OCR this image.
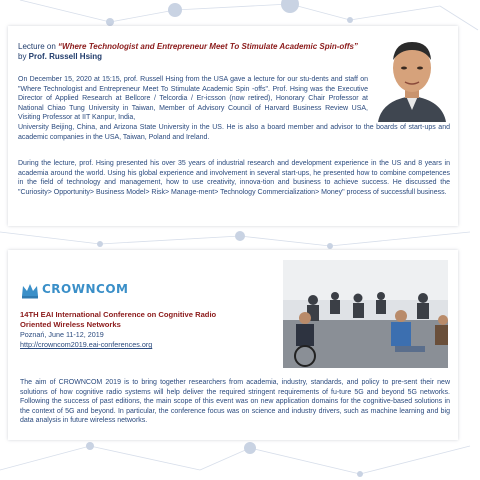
Lecture on “Where Technologist and Entrepreneur Meet To Stimulate Academic Spin-offs” by Prof. Russell Hsing

On December 15, 2020 at 15:15, prof. Russell Hsing from the USA gave a lecture for our stu-dents and staff on "Where Technologist and Entrepreneur Meet To Stimulate Academic Spin -offs". Prof. Hsing was the Executive Director of Applied Research at Bellcore / Telcordia / Er-icsson (now retired), Honorary Chair Professor at National Chiao Tung University in Taiwan, Member of Advisory Council of Harvard Business Review USA, Visiting Professor at IIT Kanpur, India,

University Beijing, China, and Arizona State University in the US. He is also a board member and advisor to the boards of start-ups and academic companies in the USA, Taiwan, Poland and Ireland.

During the lecture, prof. Hsing presented his over 35 years of industrial research and development experience in the US and 8 years in academia around the world. Using his global experience and involvement in several start-ups, he presented how to combine competences in the field of technology and management, how to use creativity, innova-tion and business to achieve success. He discussed the "Curiosity> Opportunity> Business Model> Risk> Manage-ment> Technology Commercialization> Money" process of successfull business.

CROWNCOM
14TH EAI International Conference on Cognitive Radio Oriented Wireless Networks
Poznań, June 11-12, 2019
http://crowncom2019.eai-conferences.org

The aim of CROWNCOM 2019 is to bring together researchers from academia, industry, standards, and policy to pre-sent their new solutions of how cognitive radio systems will help deliver the required stringent requirements of fu-ture 5G and beyond 5G networks. Following the success of past editions, the main scope of this event was on new application domains for the cognitive-based solutions in the context of 5G and beyond. In particular, the conference focus was on science and industry drivers, such as machine learning and big data analysis in future wireless networks.
